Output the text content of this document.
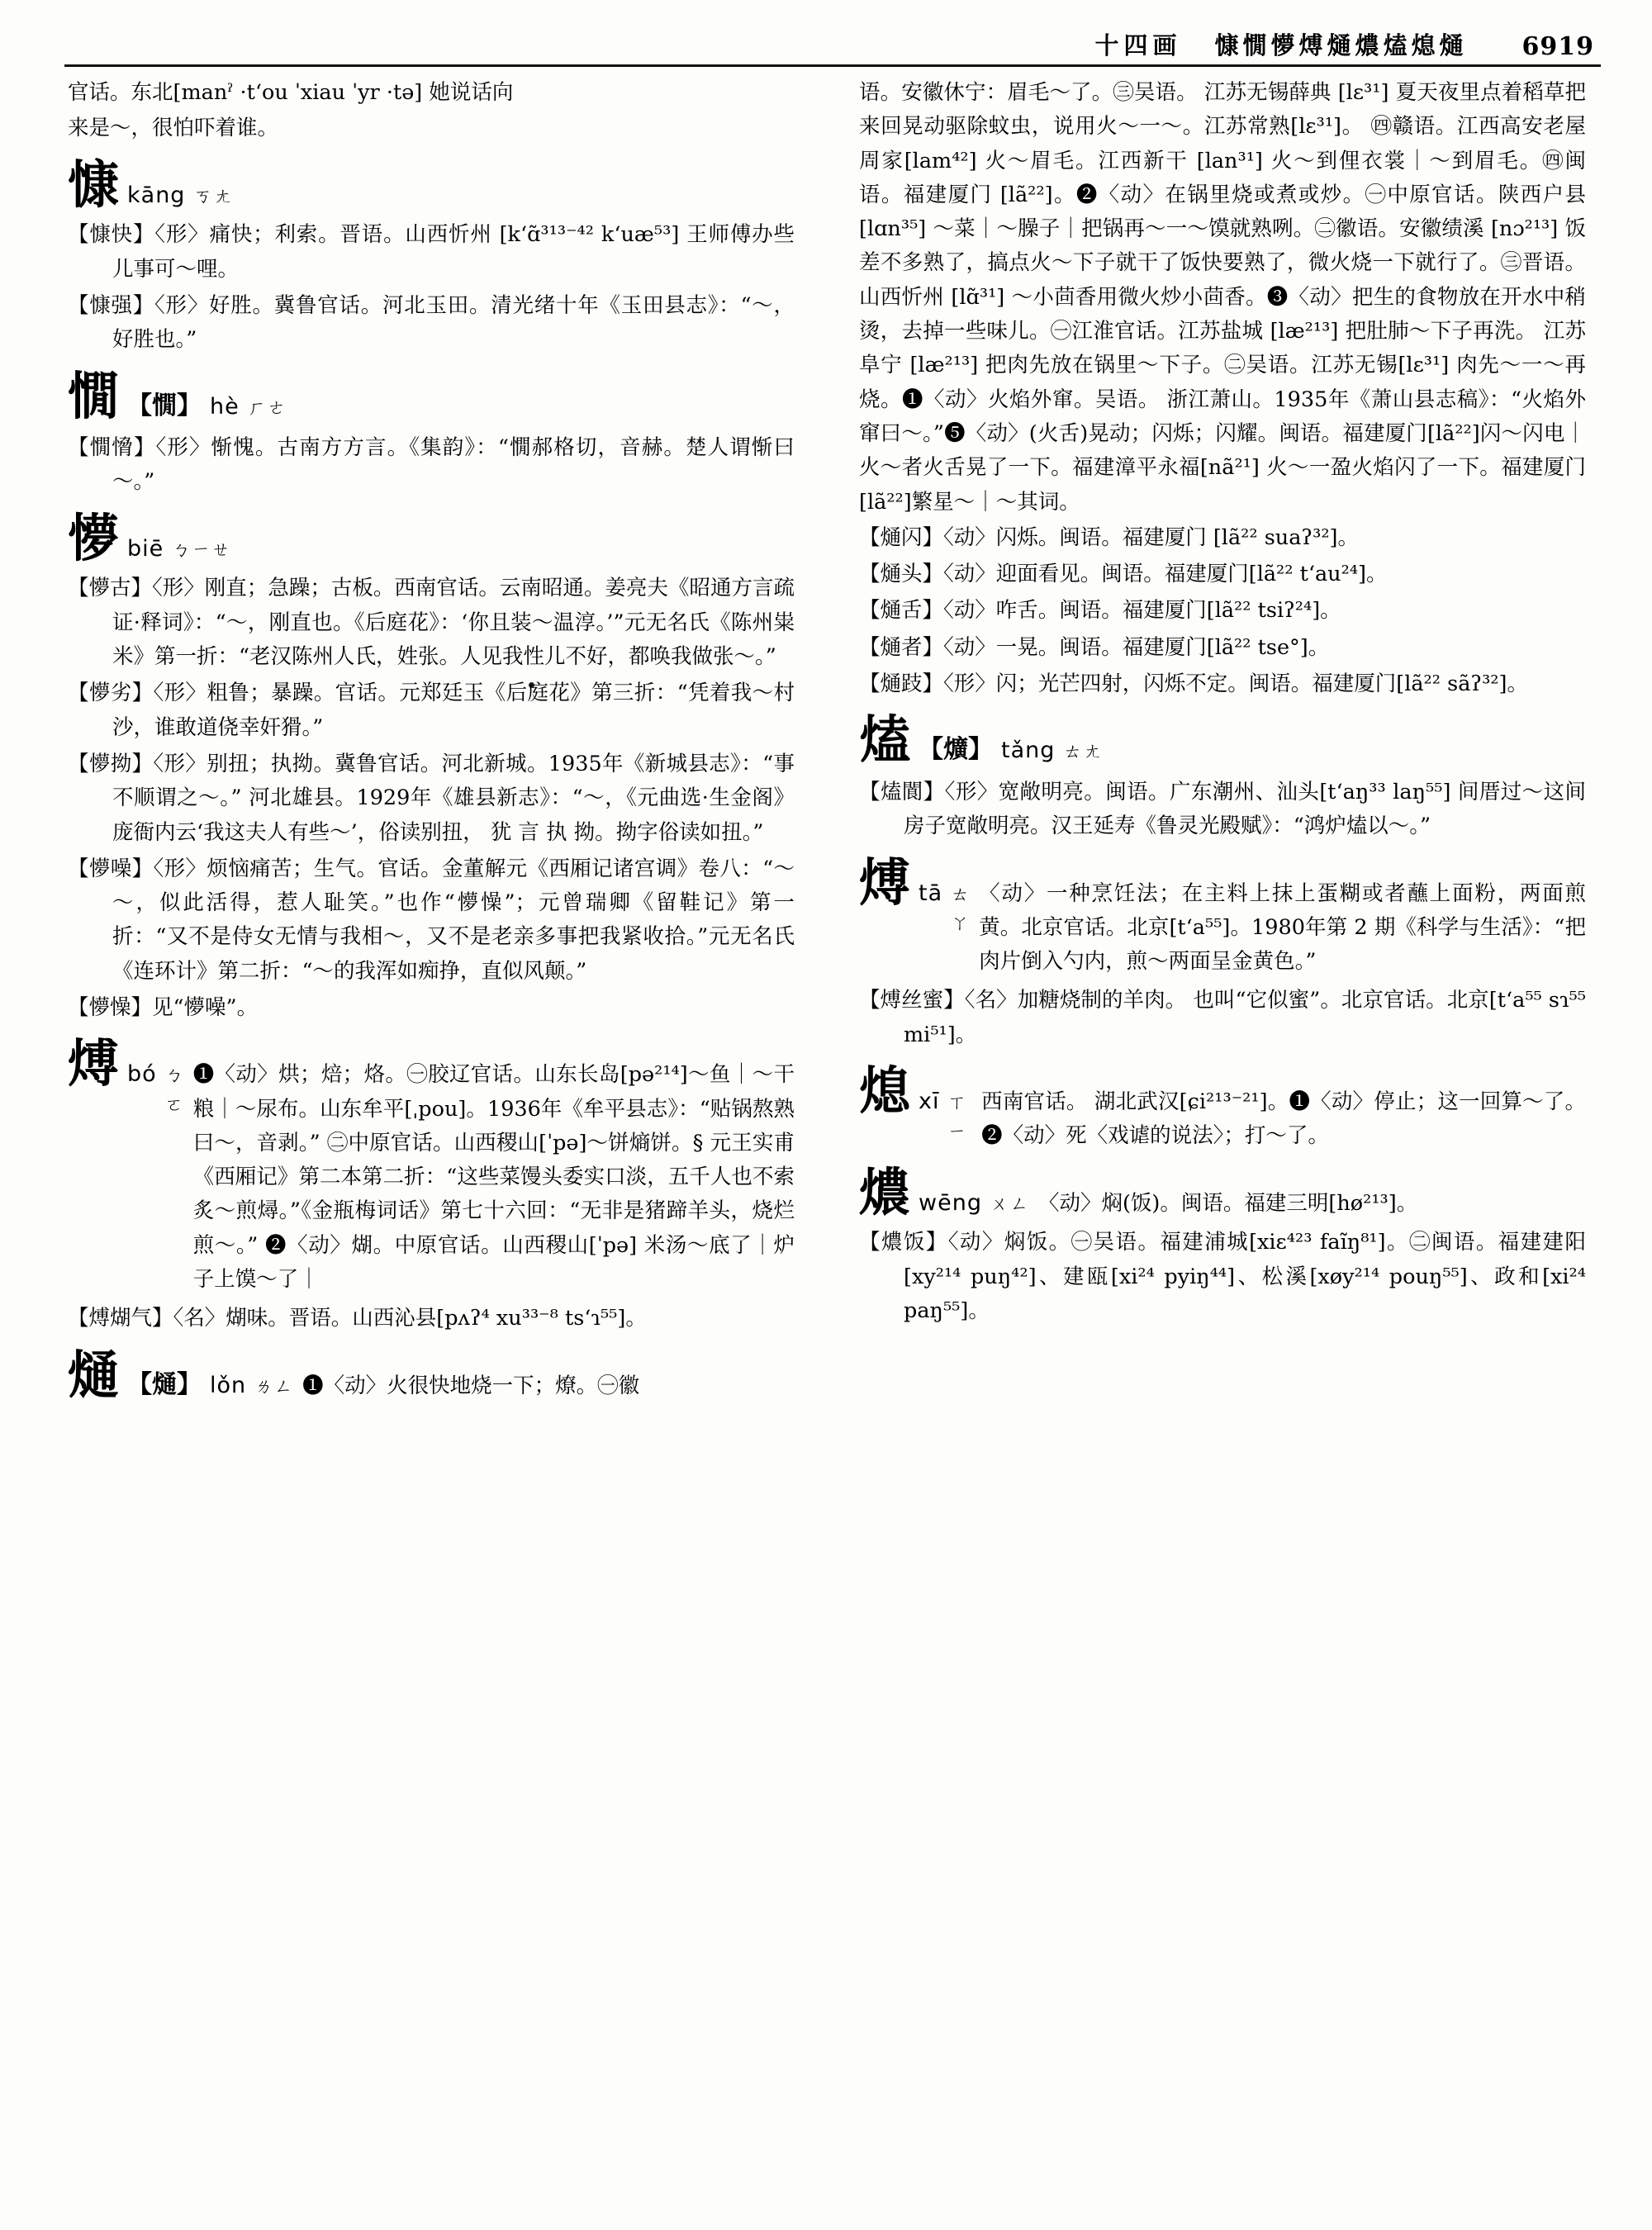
十四画 慷憪懜煿熥燶熆熄熥 6919

官话。东北[manˀ ·tʻou ˈxiau ˈyr ·tə] 她说话向

来是～，很怕吓着谁。

慷 kāng ㄎㄤ

【慷快】〈形〉痛快；利索。晋语。山西忻州 [kʻɑ̃³¹³⁻⁴² kʻuæ⁵³] 王师傅办些儿事可～哩。

【慷强】〈形〉好胜。冀鲁官话。河北玉田。清光绪十年《玉田县志》：“～，好胜也。”

憪 【憪】 hè ㄏㄜ

【憪愶】〈形〉惭愧。古南方方言。《集韵》：“憪郝格切，音赫。楚人谓惭曰～。”

懜 biē ㄅㄧㄝ

【懜古】〈形〉刚直；急躁；古板。西南官话。云南昭通。姜亮夫《昭通方言疏证·释词》：“～，刚直也。《后庭花》：‘你且装～温淳。’”元无名氏《陈州粜米》第一折：“老汉陈州人氏，姓张。人见我性儿不好，都唤我做张～。”

【懜劣】〈形〉粗鲁；暴躁。官话。元郑廷玉《后庭花》第三折：“凭着我～村沙，谁敢道侥幸奸猾。”

【懜拗】〈形〉别扭；执拗。冀鲁官话。河北新城。1935年《新城县志》：“事不顺谓之～。” 河北雄县。1929年《雄县新志》：“～，《元曲选·生金阁》庞衙内云‘我这夫人有些～’，俗读别扭， 犹 言 执 拗。拗字俗读如扭。”

【懜噪】〈形〉烦恼痛苦；生气。官话。金董解元《西厢记诸宫调》卷八：“～～，似此活得，惹人耻笑。”也作“懜懆”；元曾瑞卿《留鞋记》第一折：“又不是侍女无情与我相～，又不是老亲多事把我紧收拾。”元无名氏《连环计》第二折：“～的我浑如痴挣，直似风颠。”

【懜懆】见“懜噪”。

煿 bó ㄅㄛ
❶〈动〉烘；焙；烙。㊀胶辽官话。山东长岛[pə²¹⁴]～鱼｜～干粮｜～尿布。山东牟平[ˌpou]。1936年《牟平县志》：“贴锅熬熟曰～，音剥。” ㊁中原官话。山西稷山[ˈpə]～饼熵饼。§ 元王实甫《西厢记》第二本第二折：“这些菜馒头委实口淡，五千人也不索炙～煎燖。”《金瓶梅词话》第七十六回：“无非是猪蹄羊头，烧烂煎～。” ❷〈动〉煳。中原官话。山西稷山[ˈpə] 米汤～底了｜炉子上馍～了｜

【煿煳气】〈名〉煳味。晋语。山西沁县[pʌʔ⁴ xu³³⁻⁸ tsʻɿ⁵⁵]。

熥 【熥】 lǒn ㄌㄥ ❶〈动〉火很快地烧一下；燎。㊀徽

语。安徽休宁：眉毛～了。㊂吴语。 江苏无锡薛典 [lɛ³¹] 夏天夜里点着稻草把来回晃动驱除蚊虫，说用火～一～。江苏常熟[lɛ³¹]。 ㊃赣语。江西高安老屋周家[lam⁴²] 火～眉毛。江西新干 [lan³¹] 火～到俚衣裳｜～到眉毛。㊃闽语。福建厦门 [lã²²]。❷〈动〉在锅里烧或煮或炒。㊀中原官话。陕西户县 [lɑn³⁵] ～菜｜～臊子｜把锅再～一～馍就熟咧。㊁徽语。安徽绩溪 [nɔ²¹³] 饭差不多熟了，搞点火～下子就干了饭快要熟了，微火烧一下就行了。㊂晋语。 山西忻州 [lɑ̃³¹] ～小茴香用微火炒小茴香。❸〈动〉把生的食物放在开水中稍烫，去掉一些味儿。㊀江淮官话。江苏盐城 [læ²¹³] 把肚肺～下子再洗。 江苏阜宁 [læ²¹³] 把肉先放在锅里～下子。㊁吴语。江苏无锡[lɛ³¹] 肉先～一～再烧。❶〈动〉火焰外窜。吴语。 浙江萧山。1935年《萧山县志稿》：“火焰外窜曰～。”❺〈动〉(火舌)晃动；闪烁；闪耀。闽语。福建厦门[lã²²]闪～闪电｜火～者火舌晃了一下。福建漳平永福[nã²¹] 火～一盈火焰闪了一下。福建厦门[lã²²]繁星～｜～其词。

【熥闪】〈动〉闪烁。闽语。福建厦门 [lã²² suaʔ³²]。

【熥头】〈动〉迎面看见。闽语。福建厦门[lã²² tʻau²⁴]。

【熥舌】〈动〉咋舌。闽语。福建厦门[lã²² tsiʔ²⁴]。

【熥者】〈动〉一晃。闽语。福建厦门[lã²² tse°]。

【熥跂】〈形〉闪；光芒四射，闪烁不定。闽语。福建厦门[lã²² sãʔ³²]。

熆 【爌】 tǎng ㄊㄤ

【熆閬】〈形〉宽敞明亮。闽语。广东潮州、汕头[tʻaŋ³³ laŋ⁵⁵] 间厝过～这间房子宽敞明亮。汉王延寿《鲁灵光殿赋》：“鸿炉熆以～。”

煿 tā ㄊㄚ
〈动〉一种烹饪法；在主料上抹上蛋糊或者蘸上面粉，两面煎黄。北京官话。北京[tʻa⁵⁵]。1980年第 2 期《科学与生活》：“把肉片倒入勺内，煎～两面呈金黄色。”

【煿丝蜜】〈名〉加糖烧制的羊肉。 也叫“它似蜜”。北京官话。北京[tʻa⁵⁵ sɿ⁵⁵ mi⁵¹]。

熄 xī ㄒㄧ
西南官话。 湖北武汉[ɕi²¹³⁻²¹]。❶〈动〉停止；这一回算～了。❷〈动〉死〈戏谑的说法〉；打～了。
燶 wēng ㄨㄥ 〈动〉焖(饭)。闽语。福建三明[hø²¹³]。

【燶饭】〈动〉焖饭。㊀吴语。福建浦城[xiɛ⁴²³ faĩŋ⁸¹]。㊁闽语。福建建阳[xy²¹⁴ puŋ⁴²]、建瓯[xi²⁴ pyiŋ⁴⁴]、松溪[xøy²¹⁴ pouŋ⁵⁵]、政和[xi²⁴ paŋ⁵⁵]。
